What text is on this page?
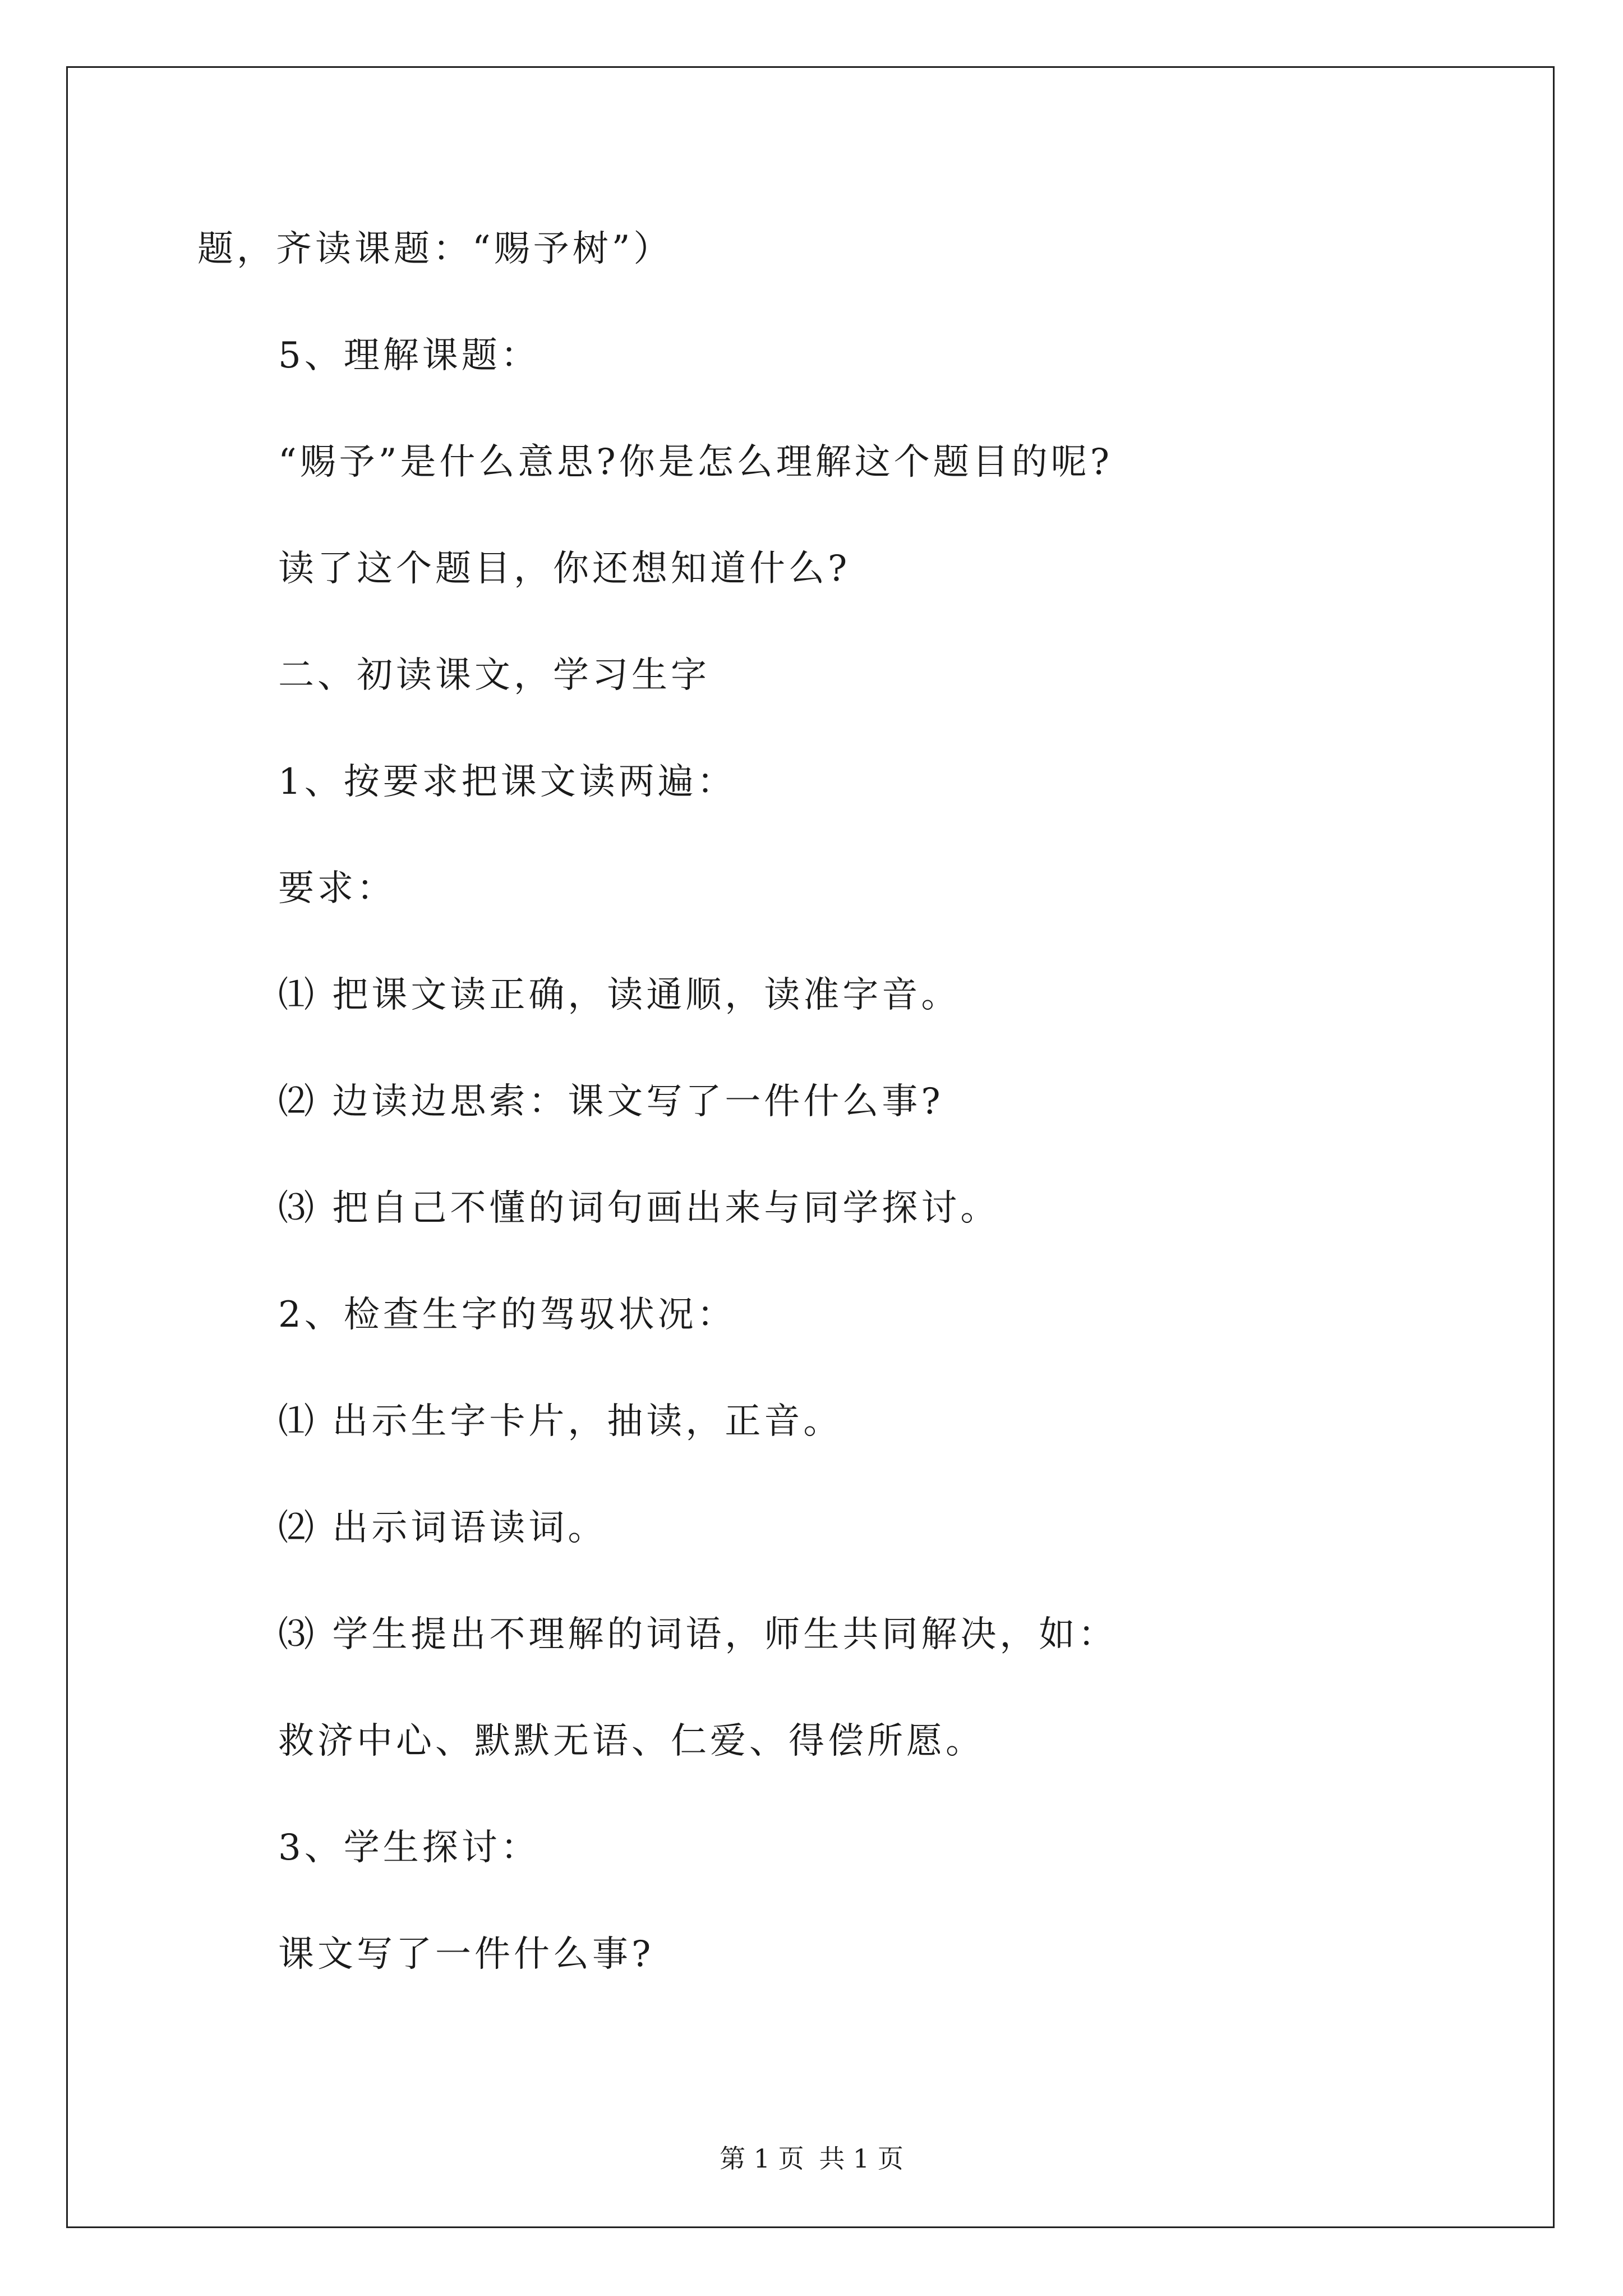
题，齐读课题：“赐予树”）
5、理解课题：
“赐予”是什么意思?你是怎么理解这个题目的呢?
读了这个题目，你还想知道什么?
二、初读课文，学习生字
1、按要求把课文读两遍：
要求：
⑴ 把课文读正确，读通顺，读准字音。
⑵ 边读边思索：课文写了一件什么事?
⑶ 把自己不懂的词句画出来与同学探讨。
2、检查生字的驾驭状况：
⑴ 出示生字卡片，抽读，正音。
⑵ 出示词语读词。
⑶ 学生提出不理解的词语，师生共同解决，如：
救济中心、默默无语、仁爱、得偿所愿。
3、学生探讨：
课文写了一件什么事?
第 1 页 共 1 页
